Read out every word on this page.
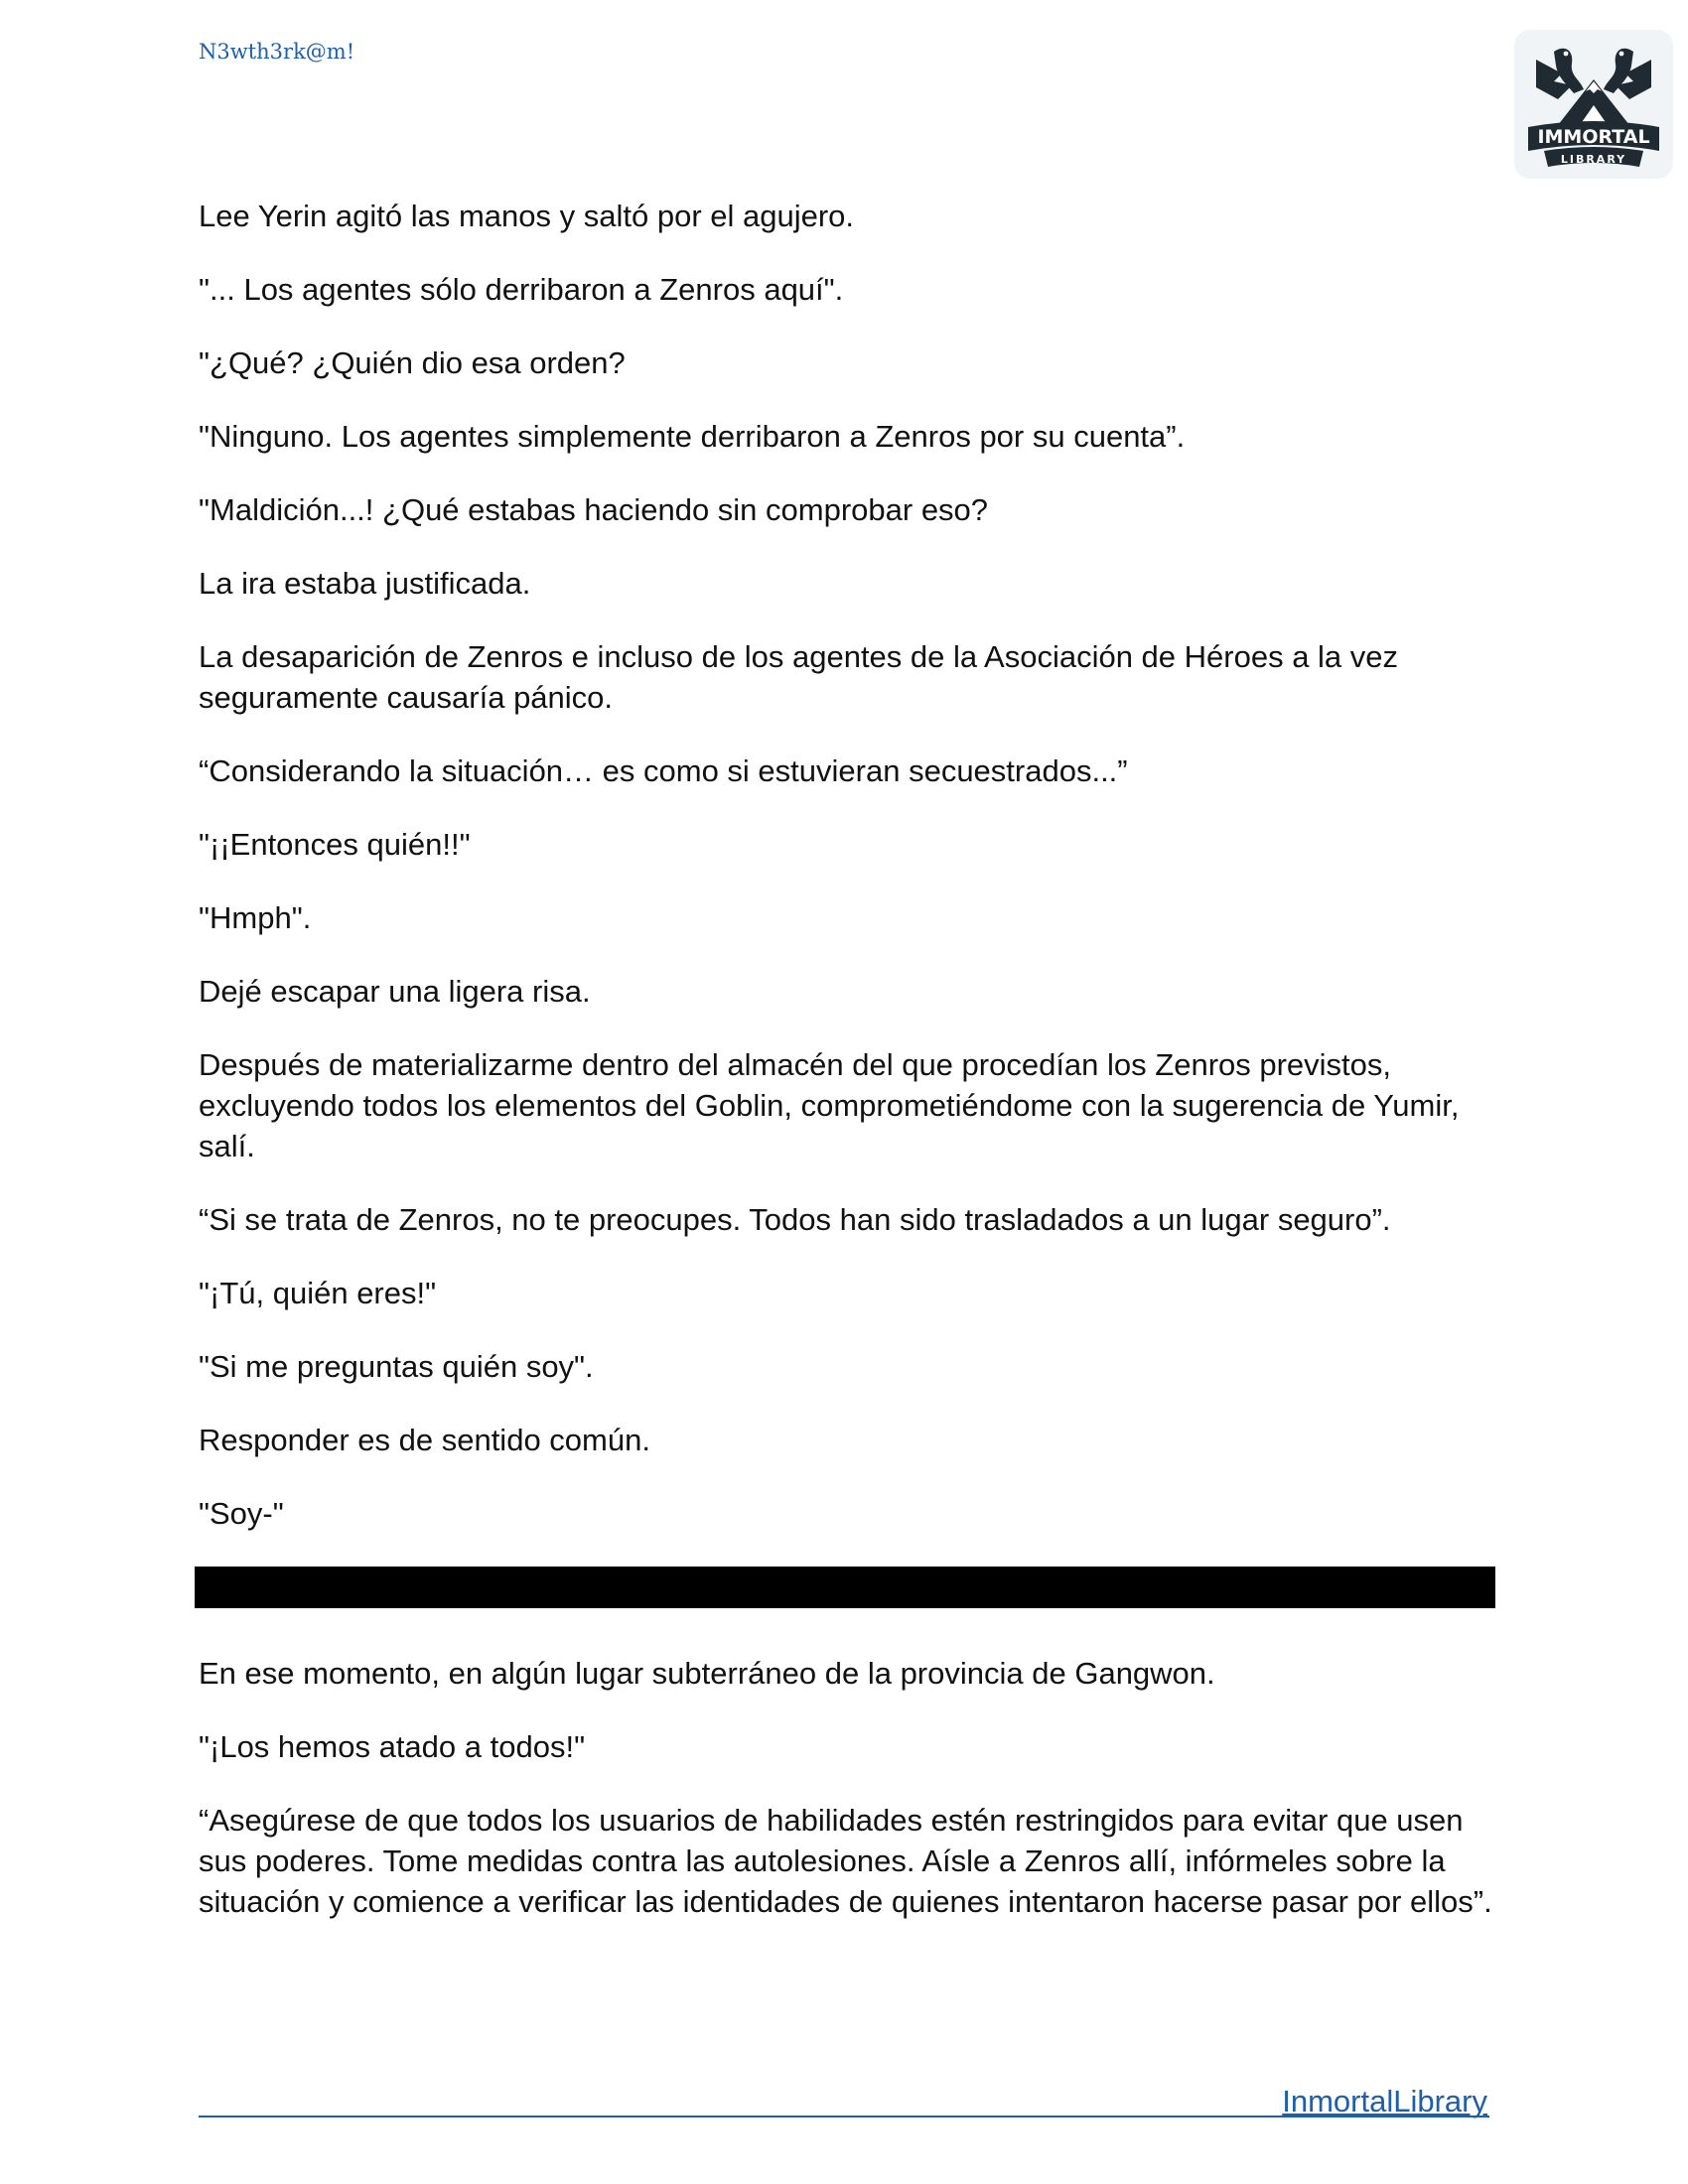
N3wth3rk@m!
IMMORTAL
LIBRARY

Lee Yerin agitó las manos y saltó por el agujero.

"... Los agentes sólo derribaron a Zenros aquí".

"¿Qué? ¿Quién dio esa orden?

"Ninguno. Los agentes simplemente derribaron a Zenros por su cuenta”.

"Maldición...! ¿Qué estabas haciendo sin comprobar eso?

La ira estaba justificada.

La desaparición de Zenros e incluso de los agentes de la Asociación de Héroes a la vez seguramente causaría pánico.

“Considerando la situación… es como si estuvieran secuestrados...”

"¡¡Entonces quién!!"

"Hmph".

Dejé escapar una ligera risa.

Después de materializarme dentro del almacén del que procedían los Zenros previstos, excluyendo todos los elementos del Goblin, comprometiéndome con la sugerencia de Yumir, salí.

“Si se trata de Zenros, no te preocupes. Todos han sido trasladados a un lugar seguro”.

"¡Tú, quién eres!"

"Si me preguntas quién soy".

Responder es de sentido común.

"Soy-"

En ese momento, en algún lugar subterráneo de la provincia de Gangwon.

"¡Los hemos atado a todos!"

“Asegúrese de que todos los usuarios de habilidades estén restringidos para evitar que usen sus poderes. Tome medidas contra las autolesiones. Aísle a Zenros allí, infórmeles sobre la situación y comience a verificar las identidades de quienes intentaron hacerse pasar por ellos”.

InmortalLibrary
